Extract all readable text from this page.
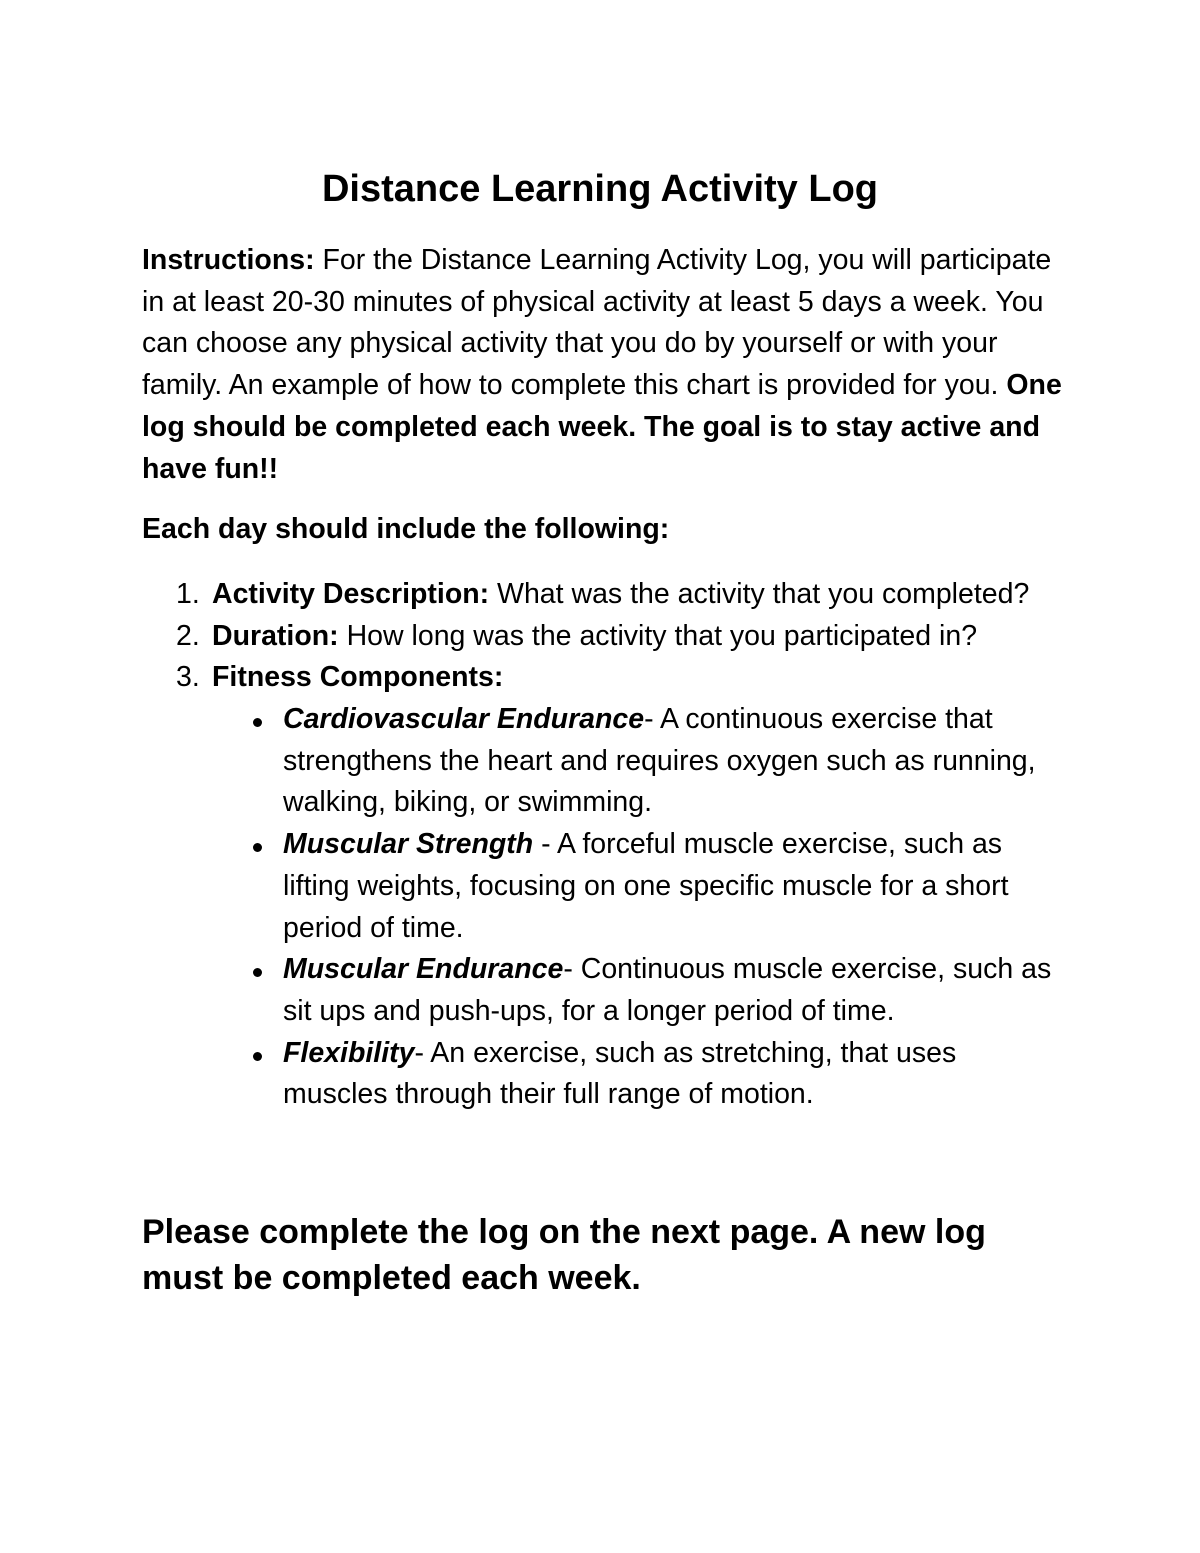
Distance Learning Activity Log

Instructions: For the Distance Learning Activity Log, you will participate in at least 20-30 minutes of physical activity at least 5 days a week. You can choose any physical activity that you do by yourself or with your family. An example of how to complete this chart is provided for you. One log should be completed each week. The goal is to stay active and have fun!!

Each day should include the following:

Activity Description: What was the activity that you completed?
Duration: How long was the activity that you participated in?
Fitness Components:
Cardiovascular Endurance- A continuous exercise that strengthens the heart and requires oxygen such as running, walking, biking, or swimming.
Muscular Strength - A forceful muscle exercise, such as lifting weights, focusing on one specific muscle for a short period of time.
Muscular Endurance- Continuous muscle exercise, such as sit ups and push-ups, for a longer period of time.
Flexibility- An exercise, such as stretching, that uses muscles through their full range of motion.

Please complete the log on the next page. A new log must be completed each week.
